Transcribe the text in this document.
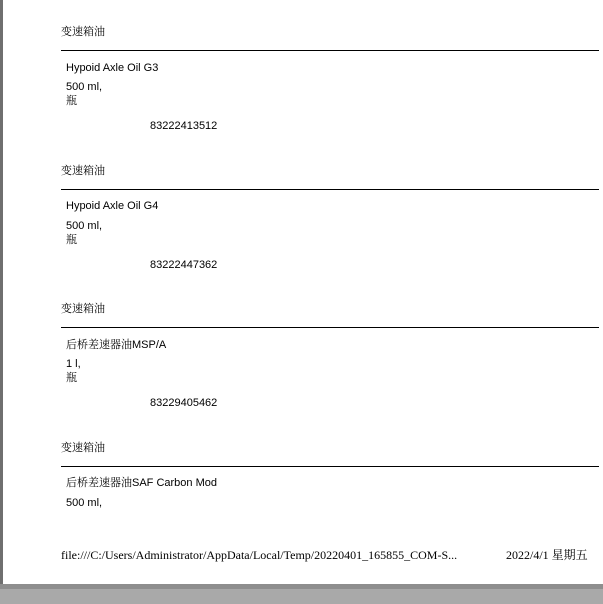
变速箱油
Hypoid Axle Oil G3
500 ml,
瓶
83222413512
变速箱油
Hypoid Axle Oil G4
500 ml,
瓶
83222447362
变速箱油
后桥差速器油MSP/A
1 l,
瓶
83229405462
变速箱油
后桥差速器油SAF Carbon Mod
500 ml,
file:///C:/Users/Administrator/AppData/Local/Temp/20220401_165855_COM-S...	2022/4/1 星期五
